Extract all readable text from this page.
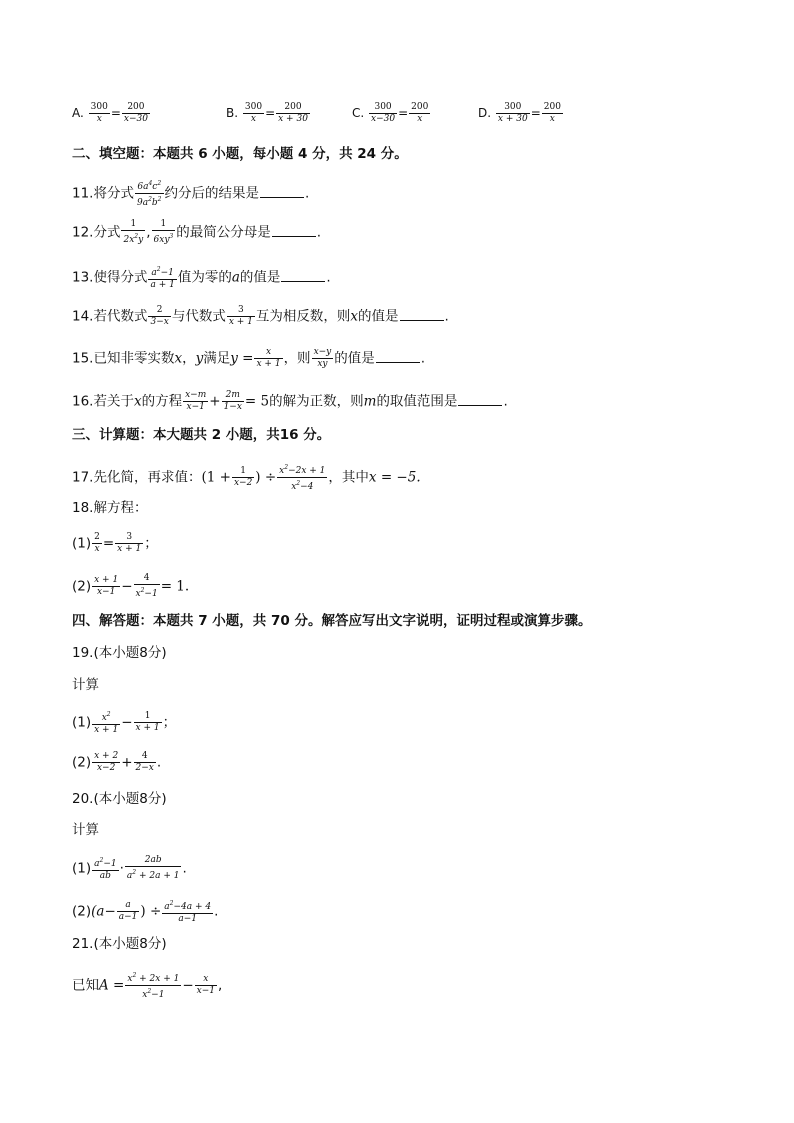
A. $\frac{300}{x} = \frac{200}{x-30}$	B. $\frac{300}{x} = \frac{200}{x + 30}$	C. $\frac{300}{x-30} = \frac{200}{x}$	D. $\frac{300}{x + 30} = \frac{200}{x}$
二、填空题：本题共 6 小题，每小题 4 分，共 24 分。
11.将分式 $\frac{6a^4c^2}{9a^2b^2}$ 约分后的结果是	.
12.分式 $\frac{1}{2x^2y}$ , $\frac{1}{6xy^3}$ 的最简公分母是	.
13.使得分式 $\frac{a^2-1}{a + 1}$ 值为零的a的值是	.
14.若代数式 $\frac{2}{3-x}$ 与代数式 $\frac{3}{x + 1}$ 互为相反数，则x的值是	.
15.已知非零实数x，y满足$y = \frac{x}{x + 1}$ ，则 $\frac{x-y}{xy}$ 的值是	.
16.若关于x的方程 $\frac{x-m}{x-1} + \frac{2m}{1-x} = 5$的解为正数，则m的取值范围是	.
三、计算题：本大题共 2 小题，共16 分。
17.先化简，再求值：($1 + \frac{1}{x-2}$ ) ÷ $\frac{x^2-2x + 1}{x^2-4}$ ，其中x = −5.
18.解方程：
$(1) \frac{2}{x} = \frac{3}{x + 1}$ ；
$(2) \frac{x + 1}{x-1} - \frac{4}{x^2-1} = 1$.
四、解答题：本题共 7 小题，共 70 分。解答应写出文字说明，证明过程或演算步骤。
19.(本小题8分)
计算
$(1) \frac{x^2}{x + 1} - \frac{1}{x + 1}$ ；
$(2) \frac{x + 2}{x-2} + \frac{4}{2-x}$ .
20.(本小题8分)
计算
$(1) \frac{a^2-1}{ab} \cdot \frac{2ab}{a^2 + 2a + 1}$ .
$(2)(a- \frac{a}{a-1}$ ) ÷ $\frac{a^2-4a + 4}{a-1}$ .
21.(本小题8分)
已知$A = \frac{x^2 + 2x + 1}{x^2-1} - \frac{x}{x-1}$ ,
